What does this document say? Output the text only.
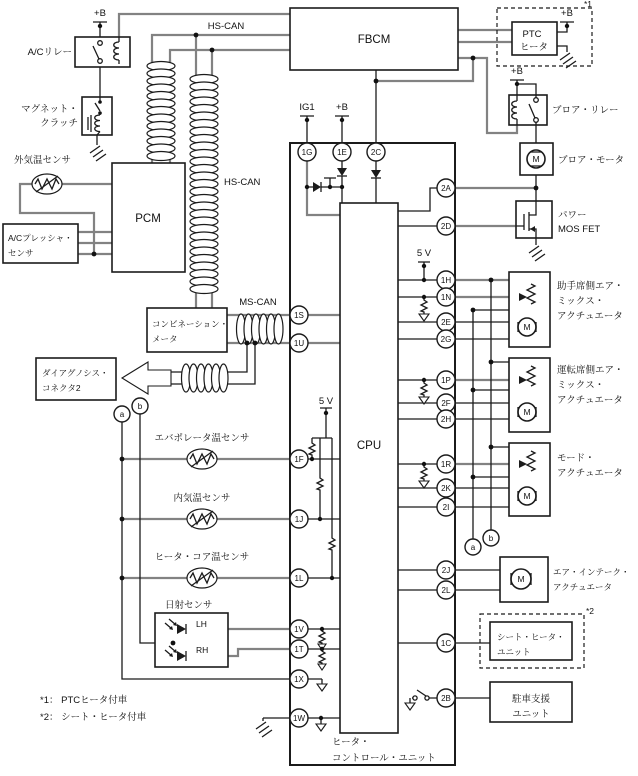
1G	1E	2C
1S
1U
1F
1J
1L
1V
1T
1X
1W
2A
2D
1H
1N
2E
2G
1P
2F
2H
1R
2K
2I
2J
2L
1C
2B
a
b
a
b
HS-CAN
HS-CAN
MS-CAN
FBCM
PCM
CPU
+B
+B
+B
+B
IG1
5 V
5 V
A/Cリレー
マグネット・
クラッチ
外気温センサ
A/Cプレッシャ・
センサ
PTC
ヒータ
*1
*2
ブロア・リレー
ブロア・モータ
パワー
MOS FET
コンビネーション・
メータ
ダイアグノシス・
コネクタ2
エバポレータ温センサ
内気温センサ
ヒータ・コア温センサ
日射センサ
LH
RH
助手席側エア・
ミックス・
アクチュエータ
運転席側エア・
ミックス・
アクチュエータ
モード・
アクチュエータ
エア・インテーク・
アクチュエータ
シート・ヒータ・
ユニット
駐車支援
ユニット
ヒータ・
コントロール・ユニット
*1： PTCヒータ付車
*2： シート・ヒータ付車
M
M
M
M
M
